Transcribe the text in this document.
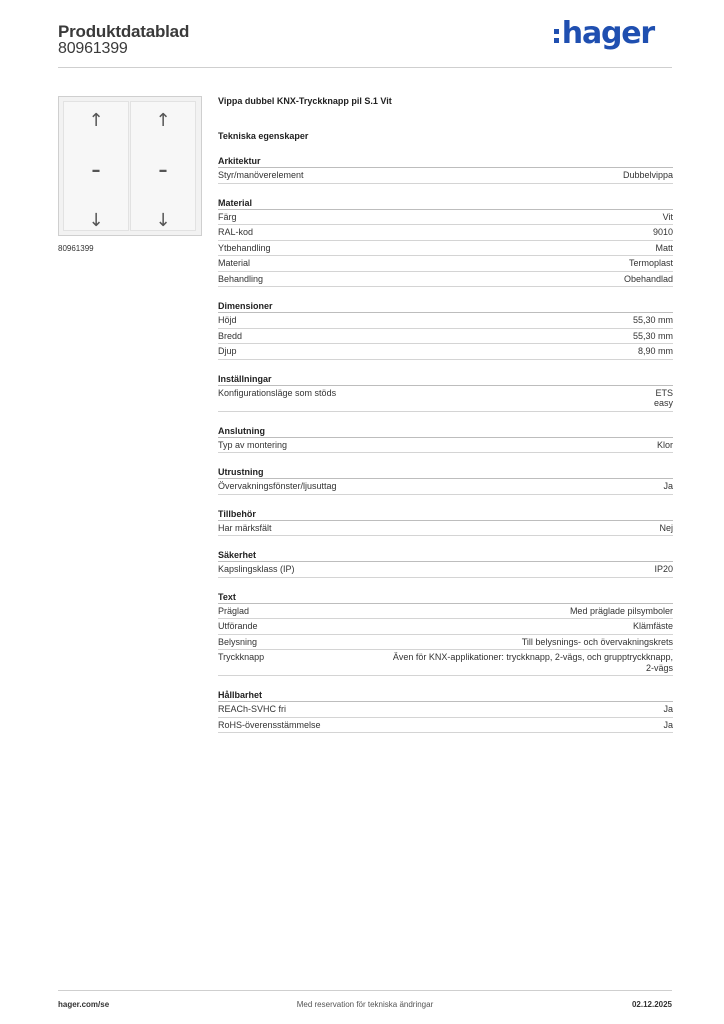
Produktdatablad
80961399	hager
↑
–
↓
↑
–
↓
80961399
Vippa dubbel KNX-Tryckknapp pil S.1 Vit
Tekniska egenskaper
Arkitektur
Styr/manöverelement	Dubbelvippa
Material
Färg	Vit
RAL-kod	9010
Ytbehandling	Matt
Material	Termoplast
Behandling	Obehandlad
Dimensioner
Höjd	55,30 mm
Bredd	55,30 mm
Djup	8,90 mm
Inställningar
Konfigurationsläge som stöds	ETS
easy
Anslutning
Typ av montering	Klor
Utrustning
Övervakningsfönster/ljusuttag	Ja
Tillbehör
Har märksfält	Nej
Säkerhet
Kapslingsklass (IP)	IP20
Text
Präglad	Med präglade pilsymboler
Utförande	Klämfäste
Belysning	Till belysnings- och övervakningskrets
Tryckknapp	Även för KNX-applikationer: tryckknapp, 2-vägs, och grupptryckknapp,
2-vägs
Hållbarhet
REACh-SVHC fri	Ja
RoHS-överensstämmelse	Ja
hager.com/se	Med reservation för tekniska ändringar	02.12.2025
